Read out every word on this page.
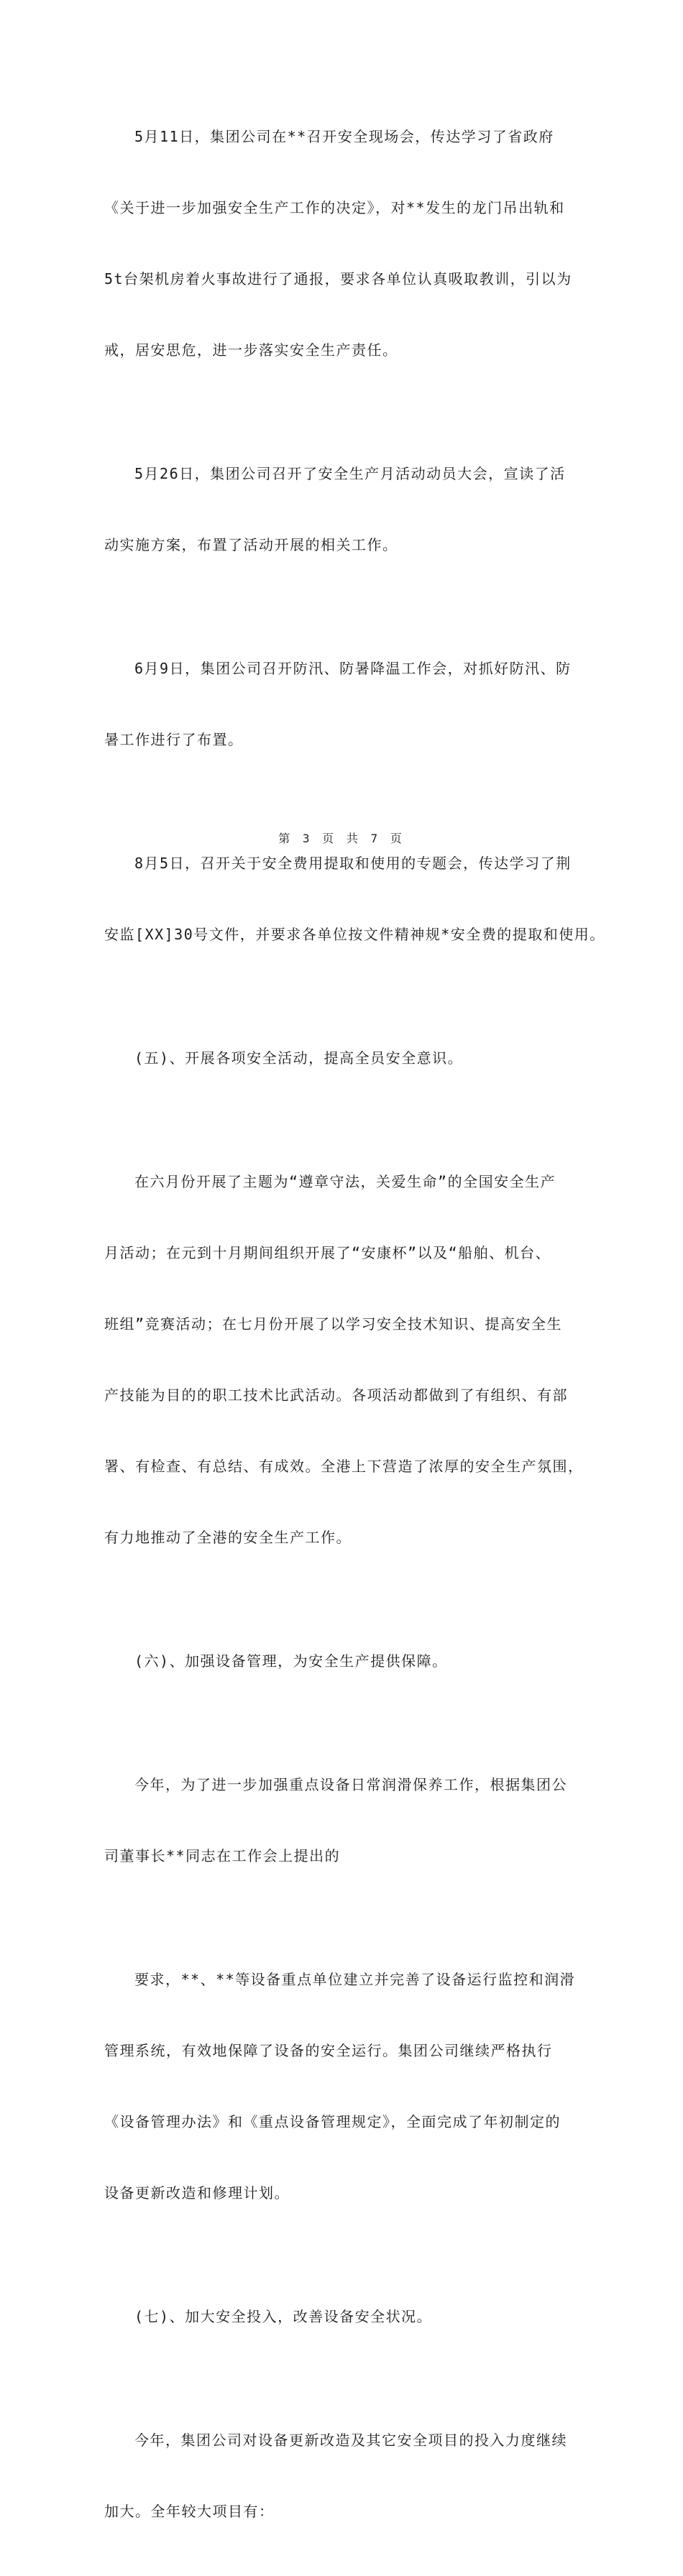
5月11日，集团公司在**召开安全现场会，传达学习了省政府

《关于进一步加强安全生产工作的决定》，对**发生的龙门吊出轨和

5t台架机房着火事故进行了通报，要求各单位认真吸取教训，引以为

戒，居安思危，进一步落实安全生产责任。

5月26日，集团公司召开了安全生产月活动动员大会，宣读了活

动实施方案，布置了活动开展的相关工作。

6月9日，集团公司召开防汛、防暑降温工作会，对抓好防汛、防

暑工作进行了布置。

8月5日，召开关于安全费用提取和使用的专题会，传达学习了荆

安监[XX]30号文件，并要求各单位按文件精神规*安全费的提取和使用。

(五)、开展各项安全活动，提高全员安全意识。

在六月份开展了主题为“遵章守法，关爱生命”的全国安全生产

月活动；在元到十月期间组织开展了“安康杯”以及“船舶、机台、

班组”竞赛活动；在七月份开展了以学习安全技术知识、提高安全生

产技能为目的的职工技术比武活动。各项活动都做到了有组织、有部

署、有检查、有总结、有成效。全港上下营造了浓厚的安全生产氛围，

有力地推动了全港的安全生产工作。

(六)、加强设备管理，为安全生产提供保障。

今年，为了进一步加强重点设备日常润滑保养工作，根据集团公

司董事长**同志在工作会上提出的

要求，**、**等设备重点单位建立并完善了设备运行监控和润滑

管理系统，有效地保障了设备的安全运行。集团公司继续严格执行

《设备管理办法》和《重点设备管理规定》，全面完成了年初制定的

设备更新改造和修理计划。

(七)、加大安全投入，改善设备安全状况。

今年，集团公司对设备更新改造及其它安全项目的投入力度继续

加大。全年较大项目有：

第 3 页 共 7 页
